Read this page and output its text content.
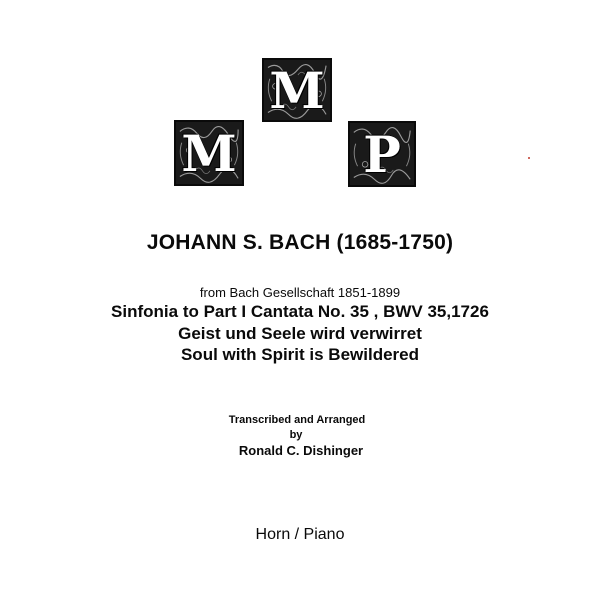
M
M	P
JOHANN S. BACH (1685-1750)
from Bach Gesellschaft 1851-1899
Sinfonia to Part I Cantata No. 35 , BWV 35,1726
Geist und Seele wird verwirret
Soul with Spirit is Bewildered
Transcribed and Arranged
by
Ronald C. Dishinger
Horn / Piano
